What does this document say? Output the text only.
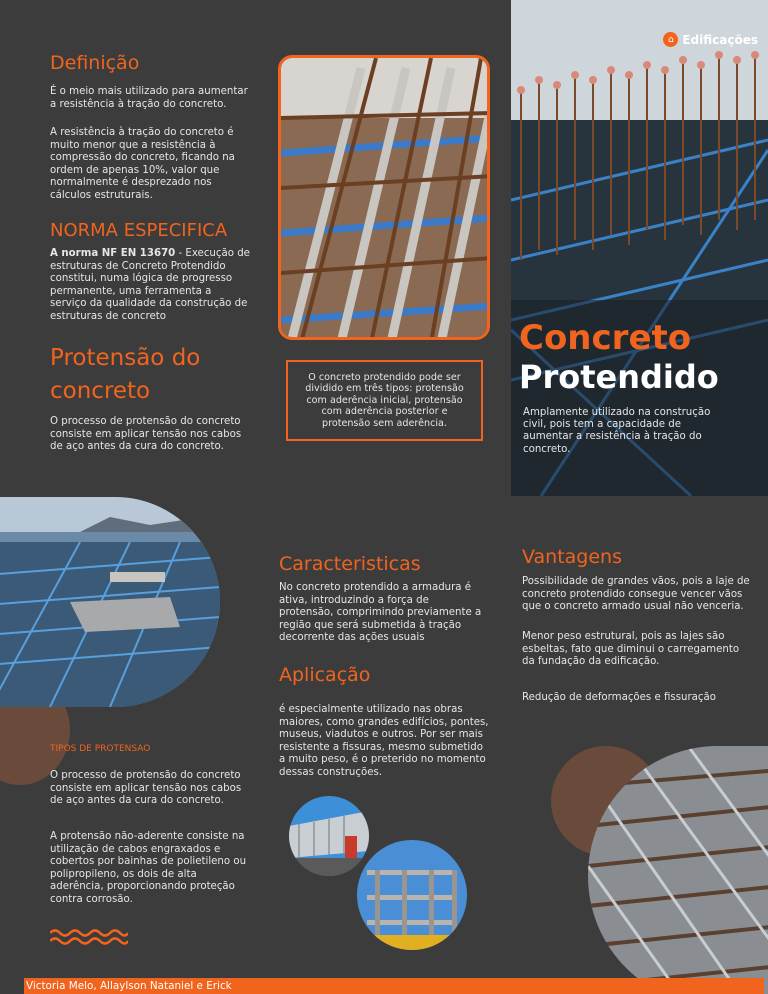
Definição

É o meio mais utilizado para aumentar a resistência à tração do concreto.

A resistência à tração do concreto é muito menor que a resistência à compressão do concreto, ficando na ordem de apenas 10%, valor que normalmente é desprezado nos cálculos estruturais.

NORMA ESPECIFICA

A norma NF EN 13670 - Execução de estruturas de Concreto Protendido constitui, numa lógica de progresso permanente, uma ferramenta a serviço da qualidade da construção de estruturas de concreto

Protensão do concreto

O processo de protensão do concreto consiste em aplicar tensão nos cabos de aço antes da cura do concreto.

O concreto protendido pode ser dividido em três tipos: protensão com aderência inicial, protensão com aderência posterior e protensão sem aderência.

⌂ Edificações
Concreto
Protendido

Amplamente utilizado na construção civil, pois tem a capacidade de aumentar a resistência à tração do concreto.

TIPOS DE PROTENSAO

O processo de protensão do concreto consiste em aplicar tensão nos cabos de aço antes da cura do concreto.

A protensão não-aderente consiste na utilização de cabos engraxados e cobertos por bainhas de polietileno ou polipropileno, os dois de alta aderência, proporcionando proteção contra corrosão.

Caracteristicas

No concreto protendido a armadura é ativa, introduzindo a força de protensão, comprimindo previamente a região que será submetida à tração decorrente das ações usuais

Aplicação

é especialmente utilizado nas obras maiores, como grandes edifícios, pontes, museus, viadutos e outros. Por ser mais resistente a fissuras, mesmo submetido a muito peso, é o preterido no momento dessas construções.

Vantagens

Possibilidade de grandes vãos, pois a laje de concreto protendido consegue vencer vãos que o concreto armado usual não venceria.

Menor peso estrutural, pois as lajes são esbeltas, fato que diminui o carregamento da fundação da edificação.

Redução de deformações e fissuração

Victoria Melo, Allaylson Nataniel e Erick
